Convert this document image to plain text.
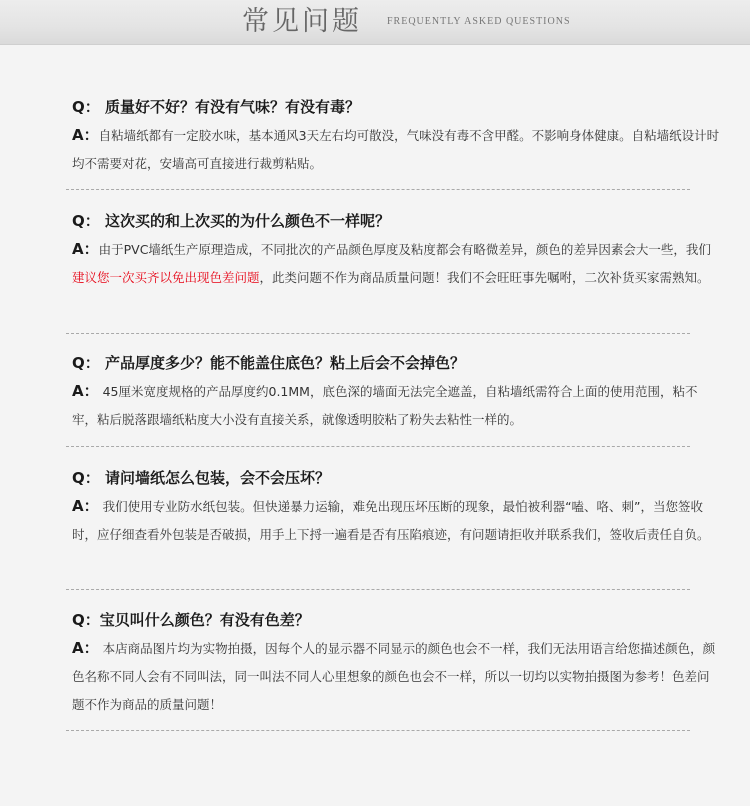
常见问题	FREQUENTLY ASKED QUESTIONS
Q： 质量好不好？有没有气味？有没有毒？
A：自粘墙纸都有一定胶水味，基本通风3天左右均可散没，气味没有毒不含甲醛。不影响身体健康。自粘墙纸设计时均不需要对花，安墙高可直接进行裁剪粘贴。
Q： 这次买的和上次买的为什么颜色不一样呢？
A：由于PVC墙纸生产原理造成，不同批次的产品颜色厚度及粘度都会有略微差异，颜色的差异因素会大一些，我们建议您一次买齐以免出现色差问题，此类问题不作为商品质量问题！我们不会旺旺事先嘱咐，二次补货买家需熟知。
Q： 产品厚度多少？能不能盖住底色？粘上后会不会掉色？
A： 45厘米宽度规格的产品厚度约0.1MM，底色深的墙面无法完全遮盖，自粘墙纸需符合上面的使用范围，粘不牢，粘后脱落跟墙纸粘度大小没有直接关系，就像透明胶粘了粉失去粘性一样的。
Q： 请问墙纸怎么包装，会不会压坏？
A： 我们使用专业防水纸包装。但快递暴力运输，难免出现压坏压断的现象，最怕被利器“嗑、咯、刺”，当您签收时，应仔细查看外包装是否破损，用手上下捋一遍看是否有压陷痕迹，有问题请拒收并联系我们，签收后责任自负。
Q：宝贝叫什么颜色？有没有色差？
A： 本店商品图片均为实物拍摄，因每个人的显示器不同显示的颜色也会不一样，我们无法用语言给您描述颜色，颜色名称不同人会有不同叫法，同一叫法不同人心里想象的颜色也会不一样，所以一切均以实物拍摄图为参考！色差问题不作为商品的质量问题！
